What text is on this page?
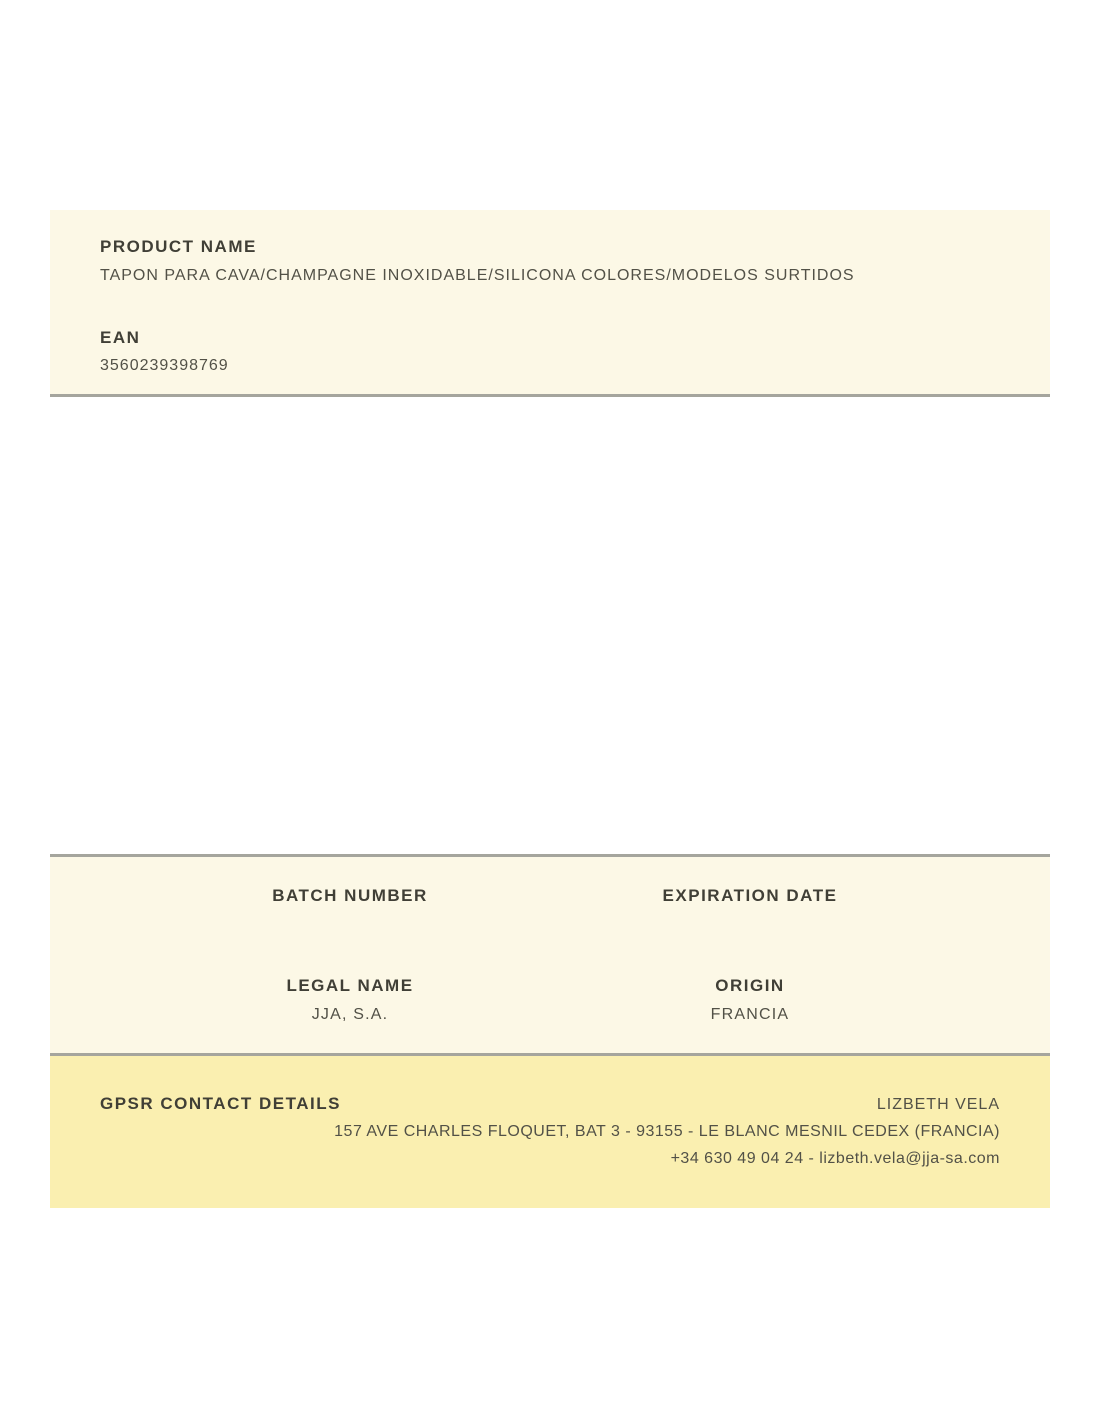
PRODUCT NAME
TAPON PARA CAVA/CHAMPAGNE INOXIDABLE/SILICONA COLORES/MODELOS SURTIDOS
EAN
3560239398769
BATCH NUMBER	EXPIRATION DATE
LEGAL NAME
JJA, S.A.
ORIGIN
FRANCIA
GPSR CONTACT DETAILS	LIZBETH VELA
157 AVE CHARLES FLOQUET, BAT 3 - 93155 - LE BLANC MESNIL CEDEX (FRANCIA)
+34 630 49 04 24 - lizbeth.vela@jja-sa.com
